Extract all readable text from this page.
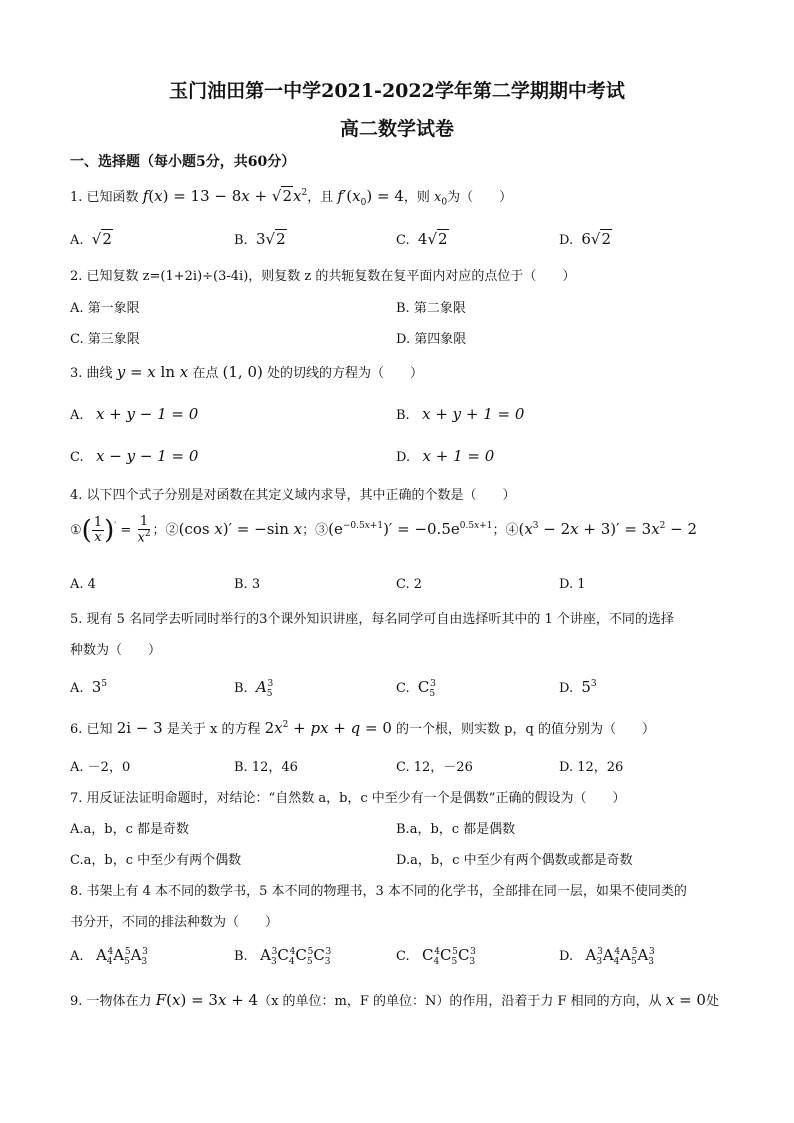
玉门油田第一中学2021-2022学年第二学期期中考试
高二数学试卷
一、选择题（每小题5分，共60分）
1. 已知函数 $f(x) = 13 - 8x + √2x^2$，且 $f'(x_0) = 4$，则 $x_0$为（　　）
A. √2	B. 3√2	C. 4√2	D. 6√2
2. 已知复数 z=(1+2i)÷(3-4i)，则复数 z 的共轭复数在复平面内对应的点位于（　　）
A. 第一象限	B. 第二象限
C. 第三象限	D. 第四象限
3. 曲线 y = x ln x 在点 (1, 0) 处的切线的方程为（　　）
A. x + y − 1 = 0	B. x + y + 1 = 0
C. x − y − 1 = 0	D. x + 1 = 0
4. 以下四个式子分别是对函数在其定义域内求导，其中正确的个数是（　　）
①( $\frac{1}{x} )' = \frac{1}{x^2}$ ；②(cos x)′ = −sin x；$③(e^{-0.5x+1})' = -0.5e^{0.5x+1}$；$④(x^3 - 2x + 3)' = 3x^2 - 2$
A. 4	B. 3	C. 2	D. 1
5. 现有 5 名同学去听同时举行的3个课外知识讲座，每名同学可自由选择听其中的 1 个讲座，不同的选择
种数为（　　）
A. $3^5$	B. $A_5^3$	C. $C_5^3$	D. $5^3$
6. 已知 2i − 3 是关于 x 的方程 $2x^2$ + px + q = 0 的一个根，则实数 p，q 的值分别为（　　）
A. －2，0	B. 12，46	C. 12，－26	D. 12，26
7. 用反证法证明命题时，对结论：“自然数 a，b，c 中至少有一个是偶数”正确的假设为（　　）
A.a，b，c 都是奇数	B.a，b，c 都是偶数
C.a，b，c 中至少有两个偶数	D.a，b，c 中至少有两个偶数或都是奇数
8. 书架上有 4 本不同的数学书，5 本不同的物理书，3 本不同的化学书，全部排在同一层，如果不使同类的
书分开，不同的排法种数为（　　）
A. $A_4^4A_5^5A_3^3$	B. $A_3^3C_4^4C_5^5C_3^3$	C. $C_4^4C_5^5C_3^3$	D. $A_3^3A_4^4A_5^5A_3^3$
9. 一物体在力 F(x) = 3x + 4（x 的单位：m，F 的单位：N）的作用，沿着于力 F 相同的方向，从 x = 0处
